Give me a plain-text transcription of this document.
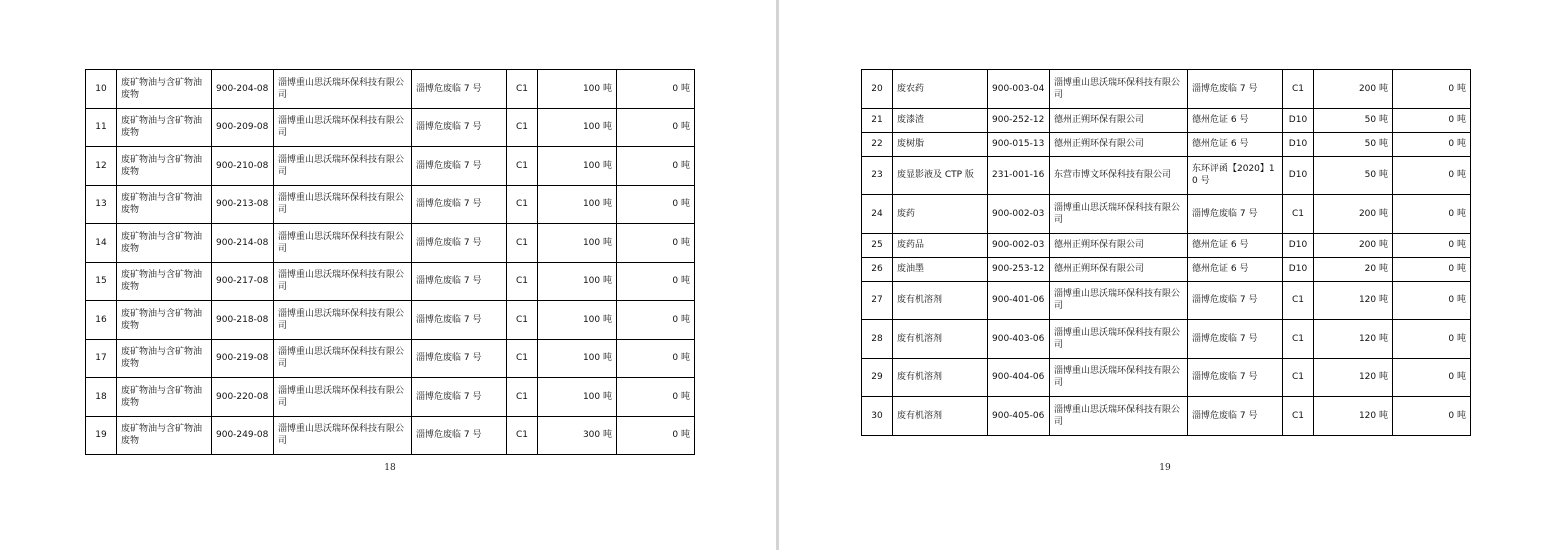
10	废矿物油与含矿物油废物	900-204-08	淄博重山思沃瑞环保科技有限公司	淄博危废临 7 号	C1	100 吨	0 吨
11	废矿物油与含矿物油废物	900-209-08	淄博重山思沃瑞环保科技有限公司	淄博危废临 7 号	C1	100 吨	0 吨
12	废矿物油与含矿物油废物	900-210-08	淄博重山思沃瑞环保科技有限公司	淄博危废临 7 号	C1	100 吨	0 吨
13	废矿物油与含矿物油废物	900-213-08	淄博重山思沃瑞环保科技有限公司	淄博危废临 7 号	C1	100 吨	0 吨
14	废矿物油与含矿物油废物	900-214-08	淄博重山思沃瑞环保科技有限公司	淄博危废临 7 号	C1	100 吨	0 吨
15	废矿物油与含矿物油废物	900-217-08	淄博重山思沃瑞环保科技有限公司	淄博危废临 7 号	C1	100 吨	0 吨
16	废矿物油与含矿物油废物	900-218-08	淄博重山思沃瑞环保科技有限公司	淄博危废临 7 号	C1	100 吨	0 吨
17	废矿物油与含矿物油废物	900-219-08	淄博重山思沃瑞环保科技有限公司	淄博危废临 7 号	C1	100 吨	0 吨
18	废矿物油与含矿物油废物	900-220-08	淄博重山思沃瑞环保科技有限公司	淄博危废临 7 号	C1	100 吨	0 吨
19	废矿物油与含矿物油废物	900-249-08	淄博重山思沃瑞环保科技有限公司	淄博危废临 7 号	C1	300 吨	0 吨
18
20	废农药	900-003-04	淄博重山思沃瑞环保科技有限公司	淄博危废临 7 号	C1	200 吨	0 吨
21	废漆渣	900-252-12	德州正朔环保有限公司	德州危证 6 号	D10	50 吨	0 吨
22	废树脂	900-015-13	德州正朔环保有限公司	德州危证 6 号	D10	50 吨	0 吨
23	废显影液及 CTP 版	231-001-16	东营市博文环保科技有限公司	东环评函【2020】10 号	D10	50 吨	0 吨
24	废药	900-002-03	淄博重山思沃瑞环保科技有限公司	淄博危废临 7 号	C1	200 吨	0 吨
25	废药品	900-002-03	德州正朔环保有限公司	德州危证 6 号	D10	200 吨	0 吨
26	废油墨	900-253-12	德州正朔环保有限公司	德州危证 6 号	D10	20 吨	0 吨
27	废有机溶剂	900-401-06	淄博重山思沃瑞环保科技有限公司	淄博危废临 7 号	C1	120 吨	0 吨
28	废有机溶剂	900-403-06	淄博重山思沃瑞环保科技有限公司	淄博危废临 7 号	C1	120 吨	0 吨
29	废有机溶剂	900-404-06	淄博重山思沃瑞环保科技有限公司	淄博危废临 7 号	C1	120 吨	0 吨
30	废有机溶剂	900-405-06	淄博重山思沃瑞环保科技有限公司	淄博危废临 7 号	C1	120 吨	0 吨
19
